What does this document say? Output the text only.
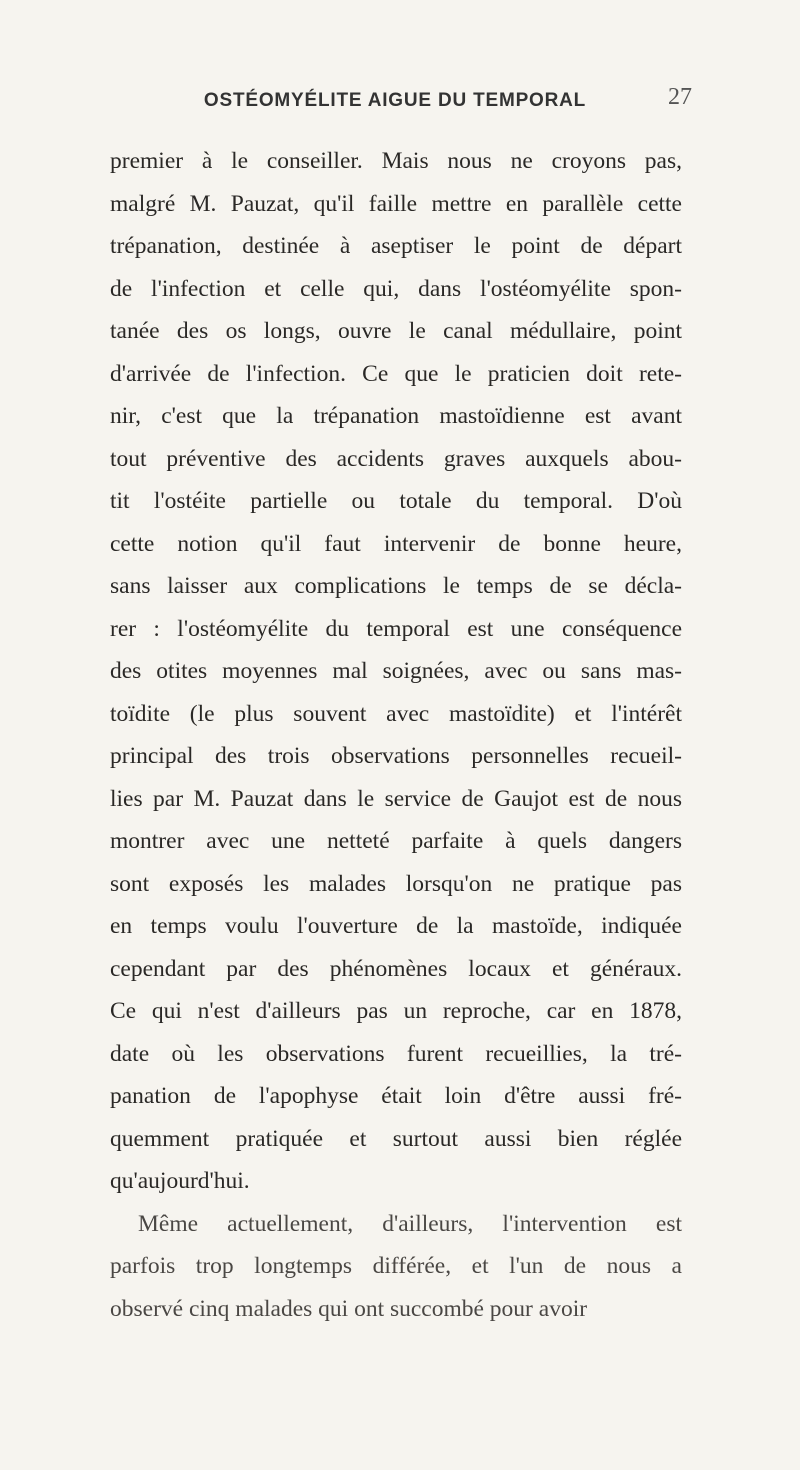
OSTÉOMYÉLITE AIGUE DU TEMPORAL	27
premier à le conseiller. Mais nous ne croyons pas,
malgré M. Pauzat, qu'il faille mettre en parallèle cette
trépanation, destinée à aseptiser le point de départ
de l'infection et celle qui, dans l'ostéomyélite spon-
tanée des os longs, ouvre le canal médullaire, point
d'arrivée de l'infection. Ce que le praticien doit rete-
nir, c'est que la trépanation mastoïdienne est avant
tout préventive des accidents graves auxquels abou-
tit l'ostéite partielle ou totale du temporal. D'où
cette notion qu'il faut intervenir de bonne heure,
sans laisser aux complications le temps de se décla-
rer : l'ostéomyélite du temporal est une conséquence
des otites moyennes mal soignées, avec ou sans mas-
toïdite (le plus souvent avec mastoïdite) et l'intérêt
principal des trois observations personnelles recueil-
lies par M. Pauzat dans le service de Gaujot est de nous
montrer avec une netteté parfaite à quels dangers
sont exposés les malades lorsqu'on ne pratique pas
en temps voulu l'ouverture de la mastoïde, indiquée
cependant par des phénomènes locaux et généraux.
Ce qui n'est d'ailleurs pas un reproche, car en 1878,
date où les observations furent recueillies, la tré-
panation de l'apophyse était loin d'être aussi fré-
quemment pratiquée et surtout aussi bien réglée
qu'aujourd'hui.
Même actuellement, d'ailleurs, l'intervention est
parfois trop longtemps différée, et l'un de nous a
observé cinq malades qui ont succombé pour avoir
